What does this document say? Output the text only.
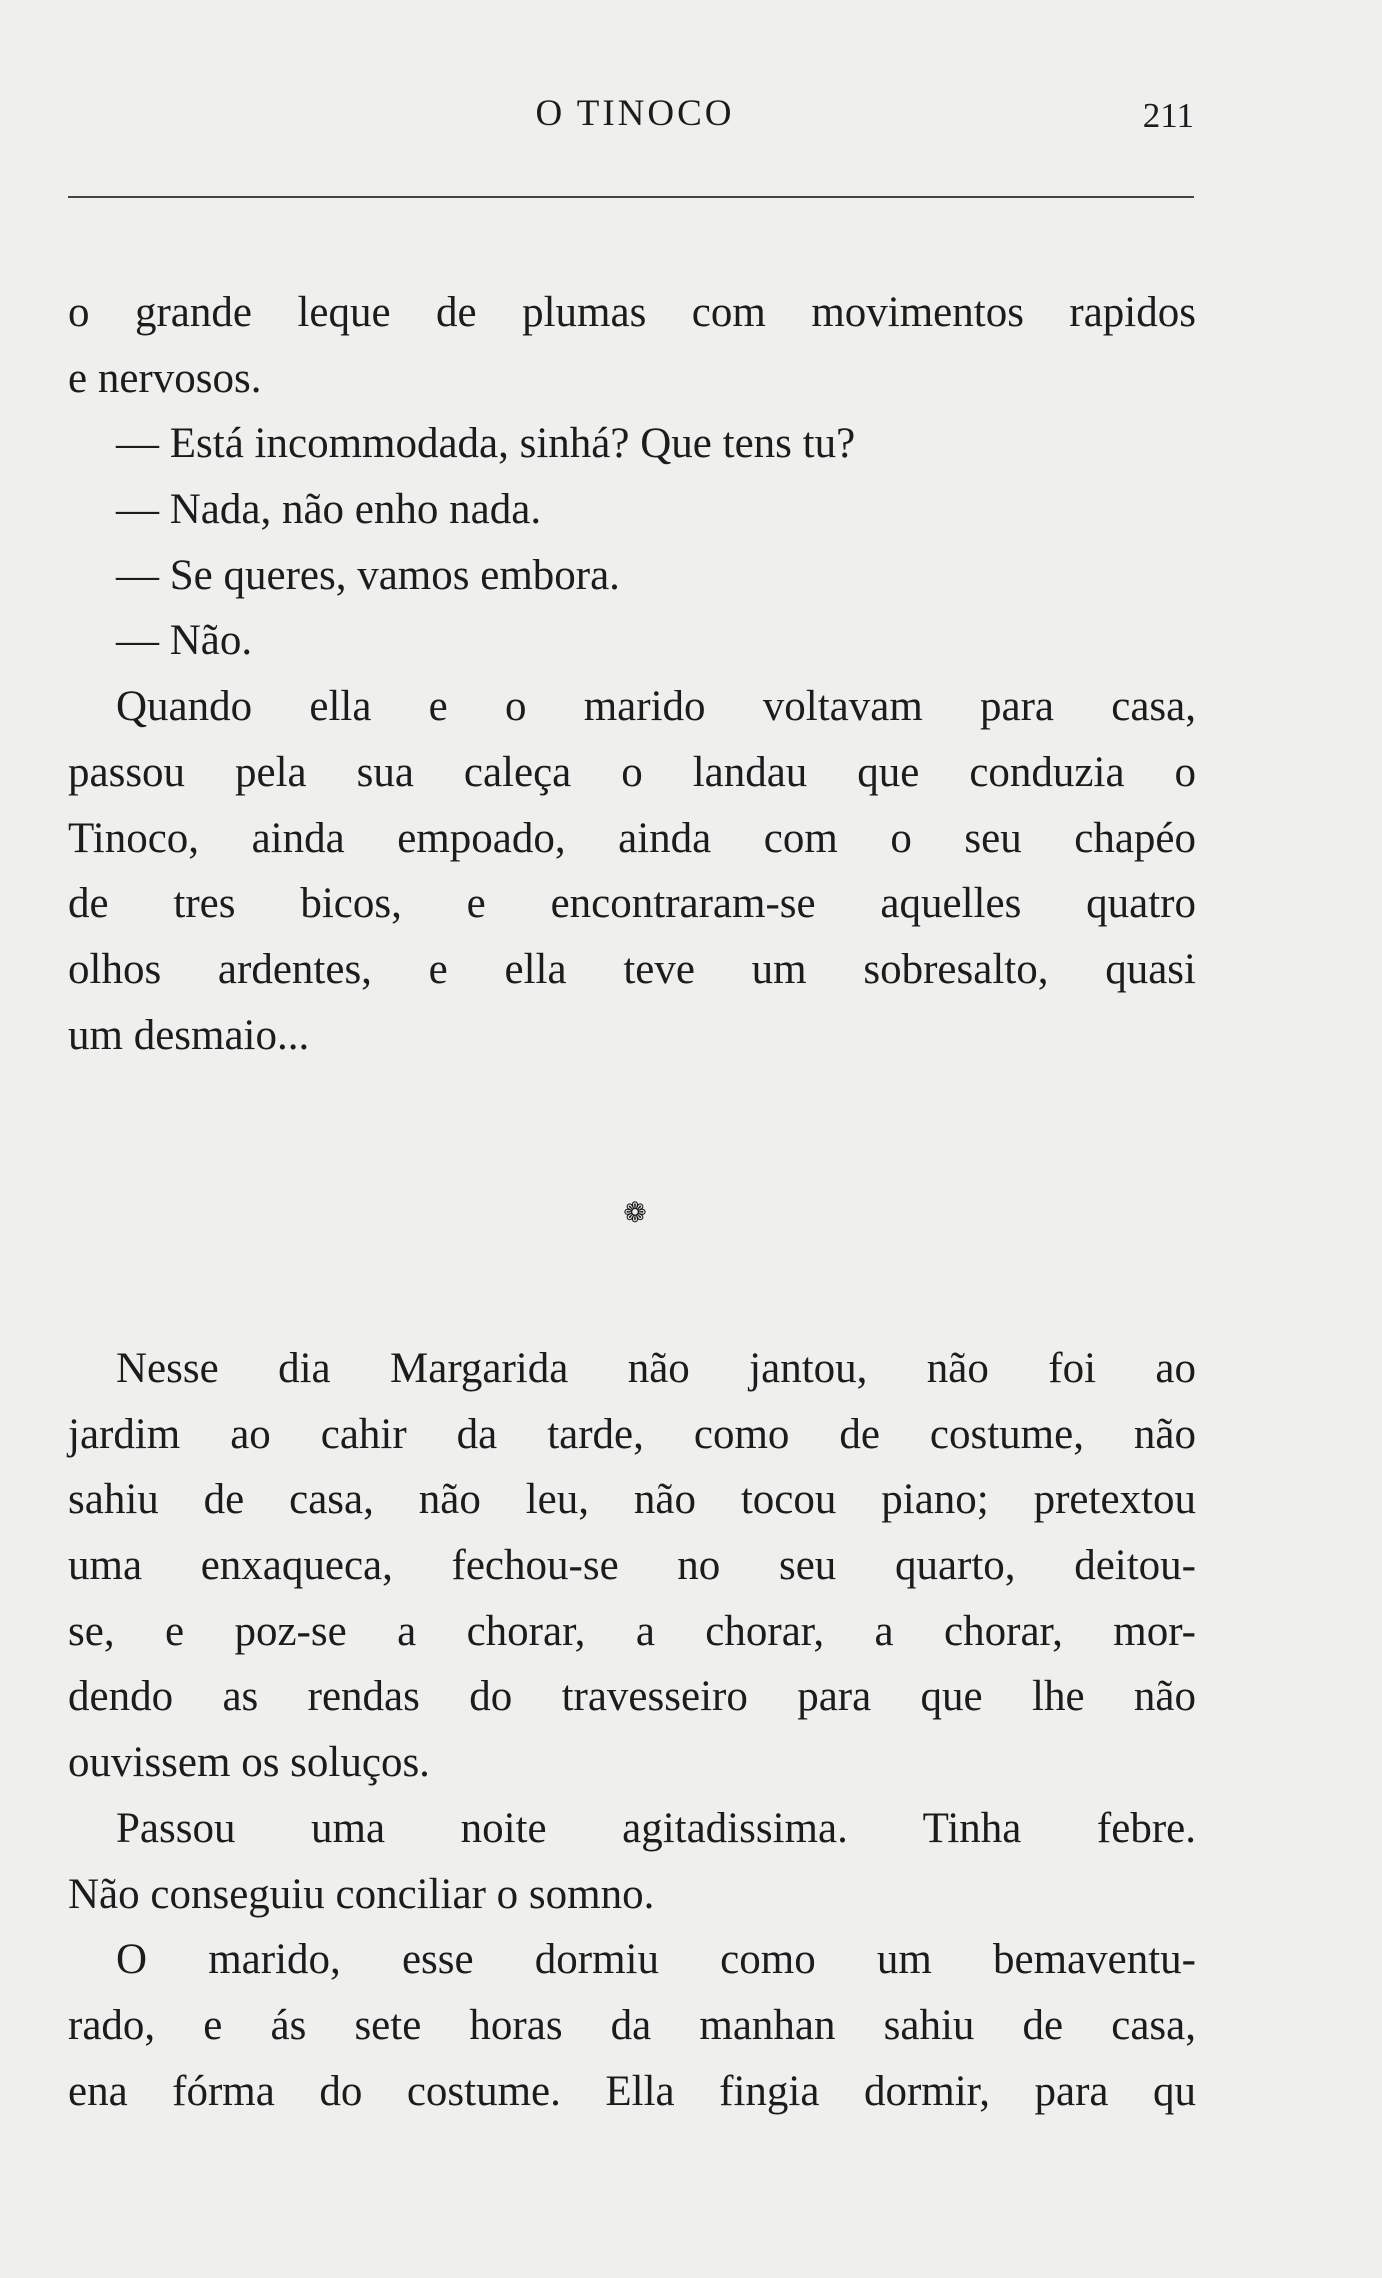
O TINOCO	211
o grande leque de plumas com movimentos rapidos
e nervosos.
— Está incommodada, sinhá? Que tens tu?
— Nada, não enho nada.
— Se queres, vamos embora.
— Não.
Quando ella e o marido voltavam para casa,
passou pela sua caleça o landau que conduzia o
Tinoco, ainda empoado, ainda com o seu chapéo
de tres bicos, e encontraram-se aquelles quatro
olhos ardentes, e ella teve um sobresalto, quasi
um desmaio...
❁
Nesse dia Margarida não jantou, não foi ao
jardim ao cahir da tarde, como de costume, não
sahiu de casa, não leu, não tocou piano; pretextou
uma enxaqueca, fechou-se no seu quarto, deitou-
se, e poz-se a chorar, a chorar, a chorar, mor-
dendo as rendas do travesseiro para que lhe não
ouvissem os soluços.
Passou uma noite agitadissima. Tinha febre.
Não conseguiu conciliar o somno.
O marido, esse dormiu como um bemaventu-
rado, e ás sete horas da manhan sahiu de casa,
ena fórma do costume. Ella fingia dormir, para qu
